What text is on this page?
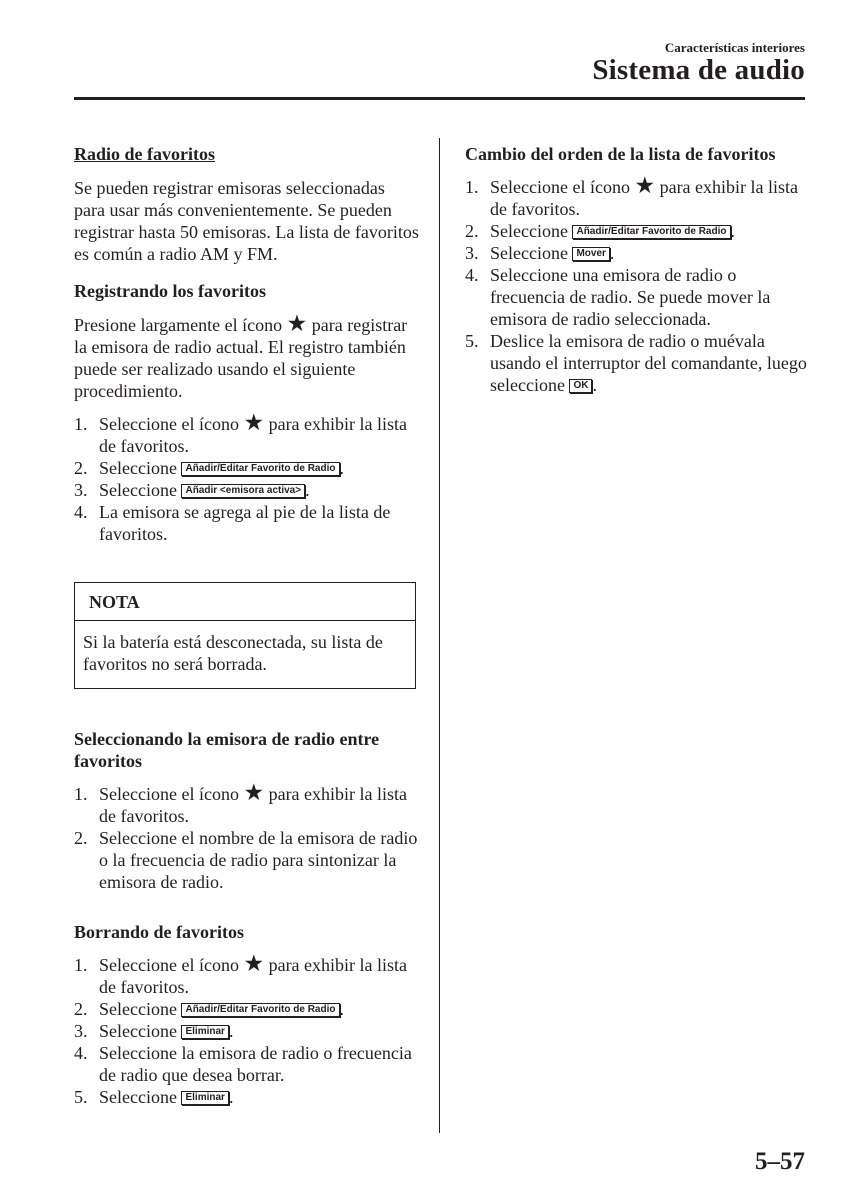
Características interiores
Sistema de audio

Radio de favoritos

Se pueden registrar emisoras seleccionadas para usar más convenientemente. Se pueden registrar hasta 50 emisoras. La lista de favoritos es común a radio AM y FM.

Registrando los favoritos

Presione largamente el ícono ★ para registrar la emisora de radio actual. El registro también puede ser realizado usando el siguiente procedimiento.

1. Seleccione el ícono ★ para exhibir la lista de favoritos.
2. Seleccione Añadir/Editar Favorito de Radio .
3. Seleccione Añadir <emisora activa> .
4. La emisora se agrega al pie de la lista de favoritos.
NOTA
Si la batería está desconectada, su lista de favoritos no será borrada.

Seleccionando la emisora de radio entre favoritos

1. Seleccione el ícono ★ para exhibir la lista de favoritos.
2. Seleccione el nombre de la emisora de radio o la frecuencia de radio para sintonizar la emisora de radio.

Borrando de favoritos

1. Seleccione el ícono ★ para exhibir la lista de favoritos.
2. Seleccione Añadir/Editar Favorito de Radio .
3. Seleccione Eliminar .
4. Seleccione la emisora de radio o frecuencia de radio que desea borrar.
5. Seleccione Eliminar .

Cambio del orden de la lista de favoritos

1. Seleccione el ícono ★ para exhibir la lista de favoritos.
2. Seleccione Añadir/Editar Favorito de Radio .
3. Seleccione Mover .
4. Seleccione una emisora de radio o frecuencia de radio. Se puede mover la emisora de radio seleccionada.
5. Deslice la emisora de radio o muévala usando el interruptor del comandante, luego seleccione OK .
5–57
